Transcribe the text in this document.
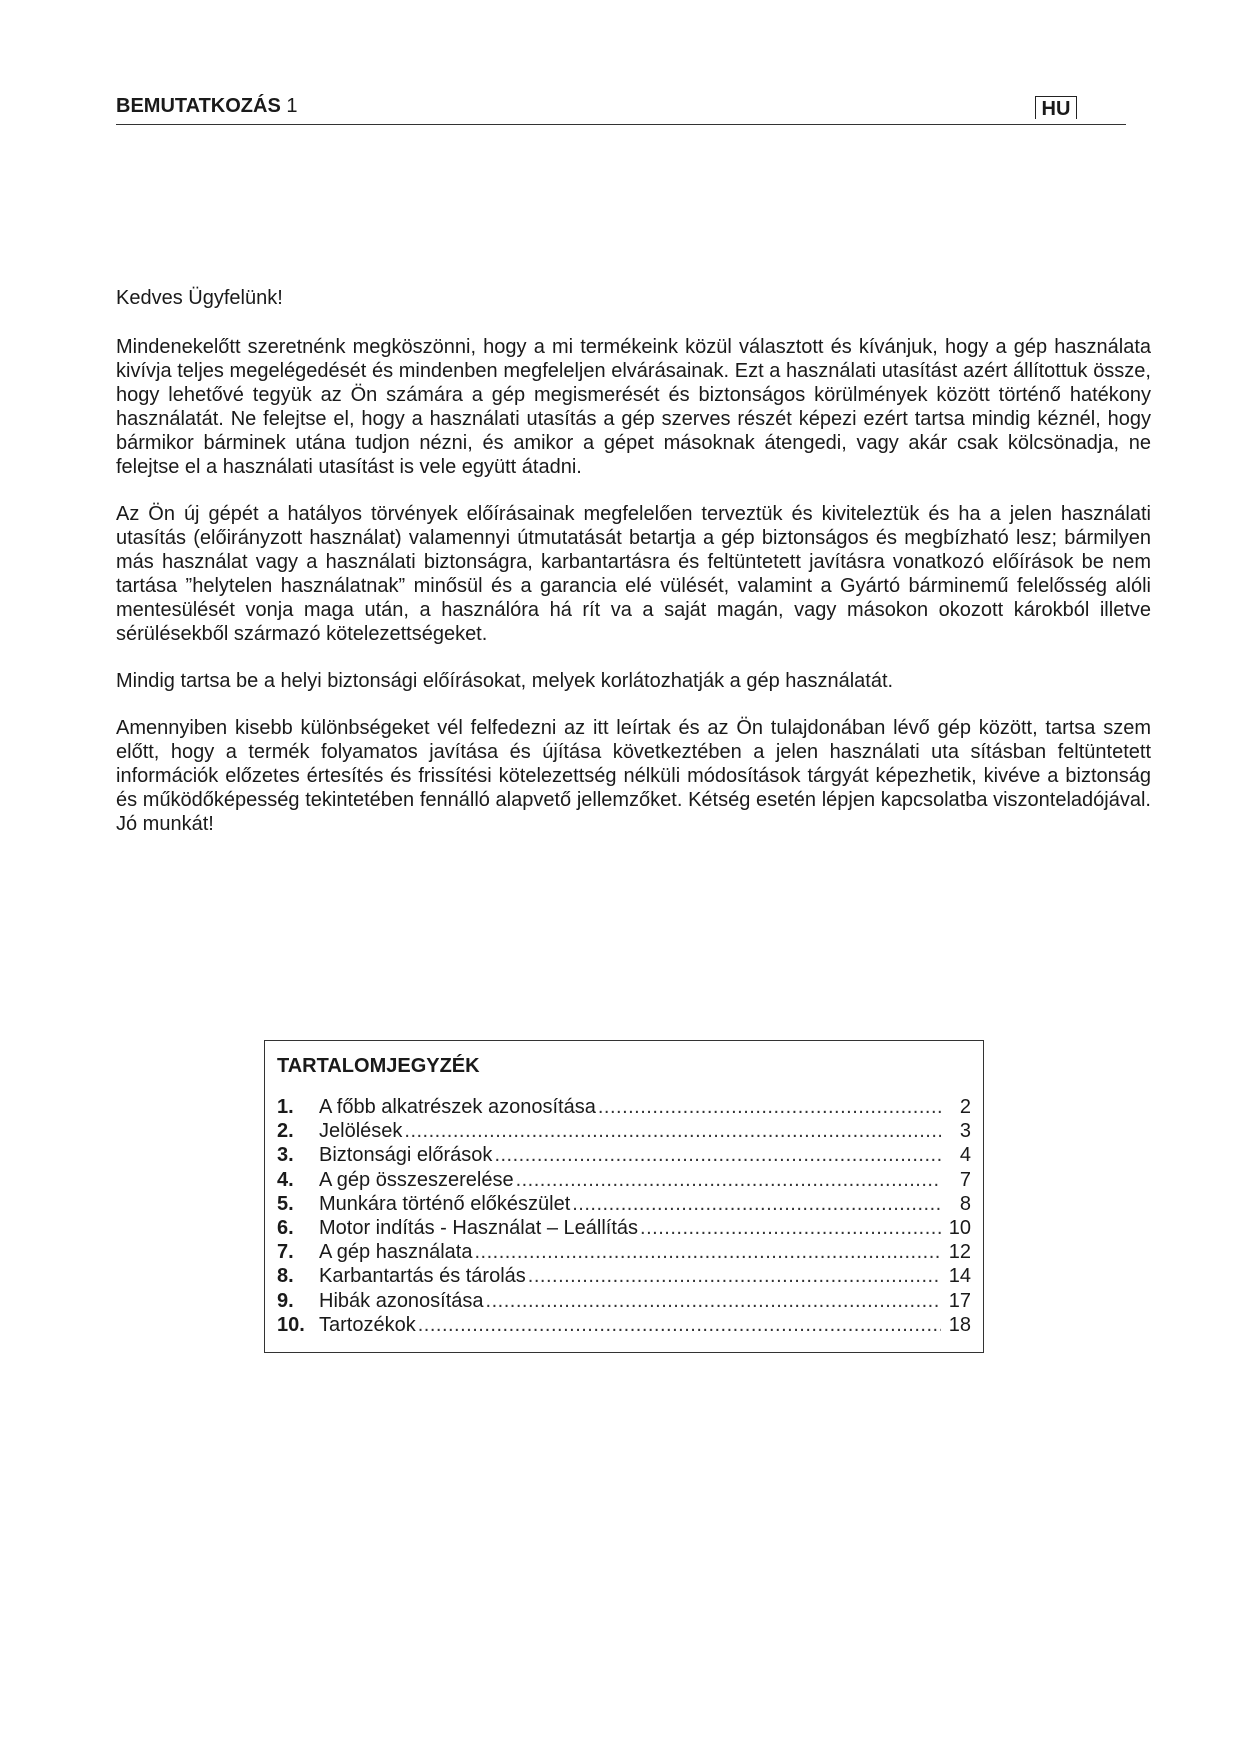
BEMUTATKOZÁS 1	HU

Kedves Ügyfelünk!

Mindenekelőtt szeretnénk megköszönni, hogy a mi termékeink közül választott és kívánjuk, hogy a gép használata kivívja teljes megelégedését és mindenben megfeleljen elvárásainak. Ezt a használati utasítást azért állítottuk össze, hogy lehetővé tegyük az Ön számára a gép megismerését és biztonságos körülmények között történő hatékony használatát. Ne felejtse el, hogy a használati utasítás a gép szerves részét képezi ezért tartsa mindig kéznél, hogy bármikor bárminek utána tudjon nézni, és amikor a gépet másoknak átengedi, vagy akár csak kölcsönadja, ne felejtse el a használati utasítást is vele együtt átadni.

Az Ön új gépét a hatályos törvények előírásainak megfelelően terveztük és kiviteleztük és ha a jelen használati utasítás (előirányzott használat) valamennyi útmutatását betartja a gép biztonságos és megbízható lesz; bármilyen más használat vagy a használati biztonságra, karbantartásra és feltüntetett javításra vonatkozó előírások be nem tartása ”helytelen használatnak” minősül és a garancia elé vülését, valamint a Gyártó bárminemű felelősség alóli mentesülését vonja maga után, a használóra há rít va a saját magán, vagy másokon okozott károkból illetve sérülésekből származó kötelezettségeket.

Mindig tartsa be a helyi biztonsági előírásokat, melyek korlátozhatják a gép használatát.

Amennyiben kisebb különbségeket vél felfedezni az itt leírtak és az Ön tulajdonában lévő gép között, tartsa szem előtt, hogy a termék folyamatos javítása és újítása következtében a jelen használati uta sításban feltüntetett információk előzetes értesítés és frissítési kötelezettség nélküli módosítások tárgyát képezhetik, kivéve a biztonság és működőképesség tekintetében fennálló alapvető jellemzőket. Kétség esetén lépjen kapcsolatba viszonteladójával. Jó munkát!

TARTALOMJEGYZÉK
1.	A főbb alkatrészek azonosítása .....	2
2.	Jelölések .....	3
3.	Biztonsági előrások .....	4
4.	A gép összeszerelése .....	7
5.	Munkára történő előkészület .....	8
6.	Motor indítás - Használat – Leállítás .....	10
7.	A gép használata .....	12
8.	Karbantartás és tárolás .....	14
9.	Hibák azonosítása .....	17
10. Tartozékok .....	18
